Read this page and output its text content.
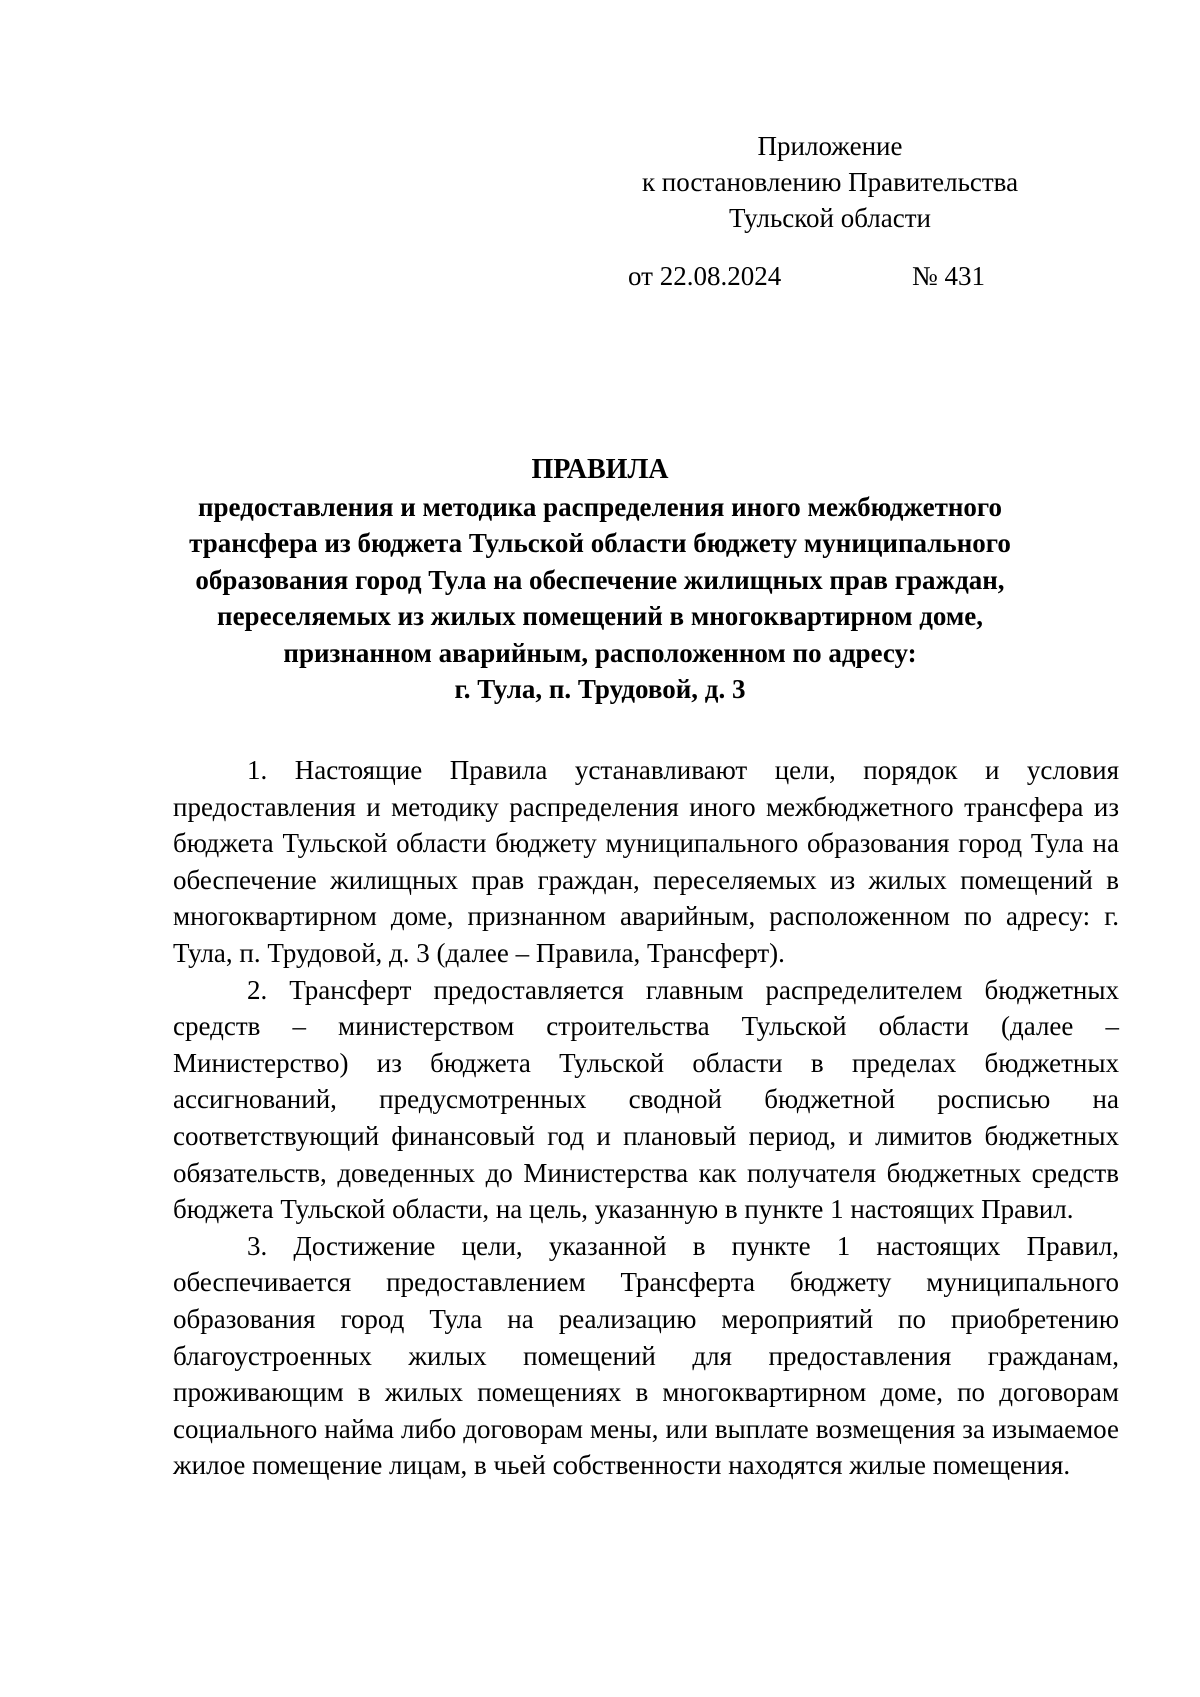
Приложение
к постановлению Правительства
Тульской области
от 22.08.2024	№ 431
ПРАВИЛА
предоставления и методика распределения иного межбюджетного
трансфера из бюджета Тульской области бюджету муниципального
образования город Тула на обеспечение жилищных прав граждан,
переселяемых из жилых помещений в многоквартирном доме,
признанном аварийным, расположенном по адресу:
г. Тула, п. Трудовой, д. 3

1. Настоящие Правила устанавливают цели, порядок и условия предоставления и методику распределения иного межбюджетного трансфера из бюджета Тульской области бюджету муниципального образования город Тула на обеспечение жилищных прав граждан, переселяемых из жилых помещений в многоквартирном доме, признанном аварийным, расположенном по адресу: г. Тула, п. Трудовой, д. 3 (далее – Правила, Трансферт).

2. Трансферт предоставляется главным распределителем бюджетных средств – министерством строительства Тульской области (далее – Министерство) из бюджета Тульской области в пределах бюджетных ассигнований, предусмотренных сводной бюджетной росписью на соответствующий финансовый год и плановый период, и лимитов бюджетных обязательств, доведенных до Министерства как получателя бюджетных средств бюджета Тульской области, на цель, указанную в пункте 1 настоящих Правил.

3. Достижение цели, указанной в пункте 1 настоящих Правил, обеспечивается предоставлением Трансферта бюджету муниципального образования город Тула на реализацию мероприятий по приобретению благоустроенных жилых помещений для предоставления гражданам, проживающим в жилых помещениях в многоквартирном доме, по договорам социального найма либо договорам мены, или выплате возмещения за изымаемое жилое помещение лицам, в чьей собственности находятся жилые помещения.
